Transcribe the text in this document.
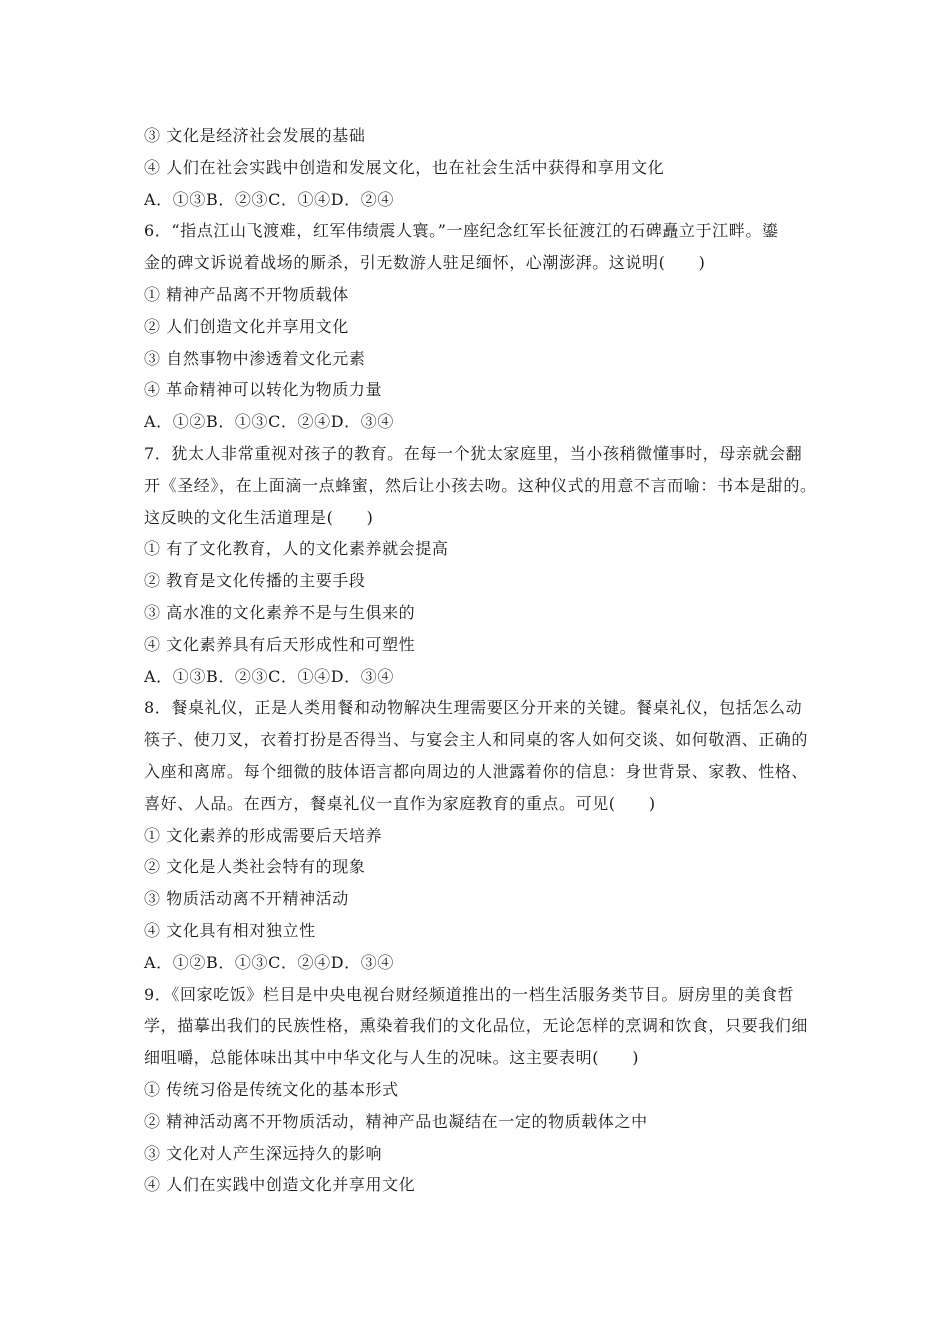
③ 文化是经济社会发展的基础
④ 人们在社会实践中创造和发展文化，也在社会生活中获得和享用文化
A．①③B．②③C．①④D．②④
6．“指点江山飞渡难，红军伟绩震人寰。”一座纪念红军长征渡江的石碑矗立于江畔。鎏
金的碑文诉说着战场的厮杀，引无数游人驻足缅怀，心潮澎湃。这说明(　　)
① 精神产品离不开物质载体
② 人们创造文化并享用文化
③ 自然事物中渗透着文化元素
④ 革命精神可以转化为物质力量
A．①②B．①③C．②④D．③④
7．犹太人非常重视对孩子的教育。在每一个犹太家庭里，当小孩稍微懂事时，母亲就会翻
开《圣经》，在上面滴一点蜂蜜，然后让小孩去吻。这种仪式的用意不言而喻：书本是甜的。
这反映的文化生活道理是(　　)
① 有了文化教育，人的文化素养就会提高
② 教育是文化传播的主要手段
③ 高水准的文化素养不是与生俱来的
④ 文化素养具有后天形成性和可塑性
A．①③B．②③C．①④D．③④
8．餐桌礼仪，正是人类用餐和动物解决生理需要区分开来的关键。餐桌礼仪，包括怎么动
筷子、使刀叉，衣着打扮是否得当、与宴会主人和同桌的客人如何交谈、如何敬酒、正确的
入座和离席。每个细微的肢体语言都向周边的人泄露着你的信息：身世背景、家教、性格、
喜好、人品。在西方，餐桌礼仪一直作为家庭教育的重点。可见(　　)
① 文化素养的形成需要后天培养
② 文化是人类社会特有的现象
③ 物质活动离不开精神活动
④ 文化具有相对独立性
A．①②B．①③C．②④D．③④
9．《回家吃饭》栏目是中央电视台财经频道推出的一档生活服务类节目。厨房里的美食哲
学，描摹出我们的民族性格，熏染着我们的文化品位，无论怎样的烹调和饮食，只要我们细
细咀嚼，总能体味出其中中华文化与人生的况味。这主要表明(　　)
① 传统习俗是传统文化的基本形式
② 精神活动离不开物质活动，精神产品也凝结在一定的物质载体之中
③ 文化对人产生深远持久的影响
④ 人们在实践中创造文化并享用文化
